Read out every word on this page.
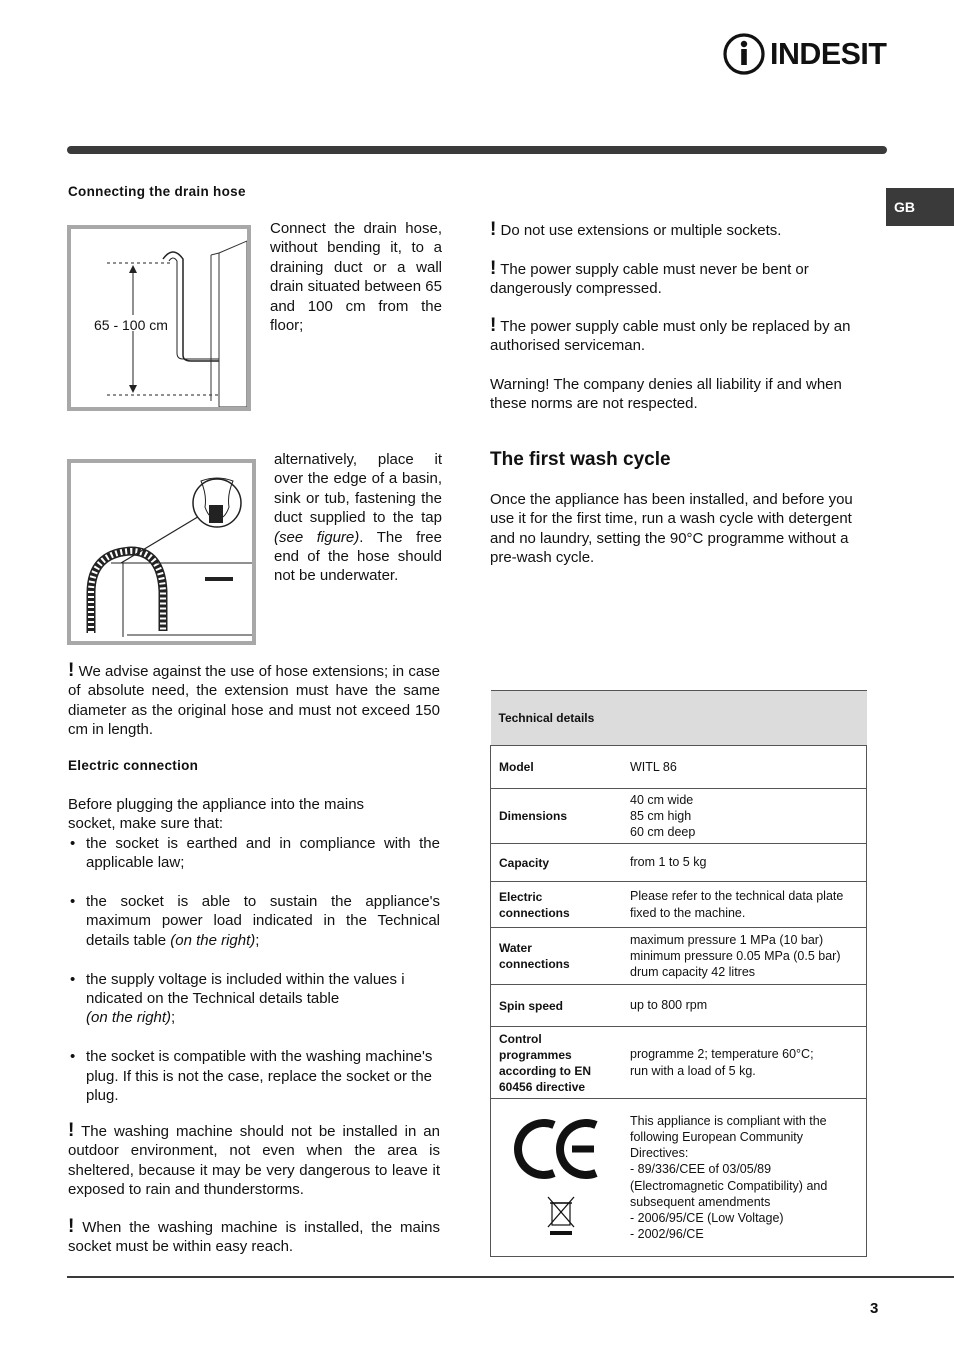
INDESIT
GB
Connecting the drain hose
65 - 100 cm
Connect the drain hose, without bending it, to a draining duct or a wall drain situated between 65 and 100 cm from the floor;
alternatively, place it over the edge of a basin, sink or tub, fastening the duct supplied to the tap (see figure). The free end of the hose should not be underwater.
! We advise against the use of hose extensions; in case of absolute need, the extension must have the same diameter as the original hose and must not exceed 150 cm in length.
Electric connection
Before plugging the appliance into the mains socket, make sure that:
• the socket is earthed and in compliance with the applicable law;
• the socket is able to sustain the appliance's maximum power load indicated in the Technical details table (on the right);
• the supply voltage is included within the values i ndicated on the Technical details table
(on the right);
• the socket is compatible with the washing machine's plug. If this is not the case, replace the socket or the plug.
! The washing machine should not be installed in an outdoor environment, not even when the area is sheltered, because it may be very dangerous to leave it exposed to rain and thunderstorms.
! When the washing machine is installed, the mains socket must be within easy reach.
! Do not use extensions or multiple sockets.
! The power supply cable must never be bent or dangerously compressed.
! The power supply cable must only be replaced by an authorised serviceman.
Warning! The company denies all liability if and when these norms are not respected.
The first wash cycle
Once the appliance has been installed, and before you use it for the first time, run a wash cycle with detergent and no laundry, setting the 90°C programme without a pre-wash cycle.
Technical details	
Model	WITL 86
Dimensions	40 cm wide
85 cm high
60 cm deep
Capacity	from 1 to 5 kg
Electric
connections	Please refer to the technical data plate fixed to the machine.
Water
connections	maximum pressure 1 MPa (10 bar)
minimum pressure 0.05 MPa (0.5 bar)
drum capacity 42 litres
Spin speed	up to 800 rpm
Control
programmes
according to EN
60456 directive	programme 2; temperature 60°C;
run with a load of 5 kg.
	This appliance is compliant with the following European Community Directives:
- 89/336/CEE of 03/05/89 (Electromagnetic Compatibility) and subsequent amendments
- 2006/95/CE (Low Voltage)
- 2002/96/CE
3
